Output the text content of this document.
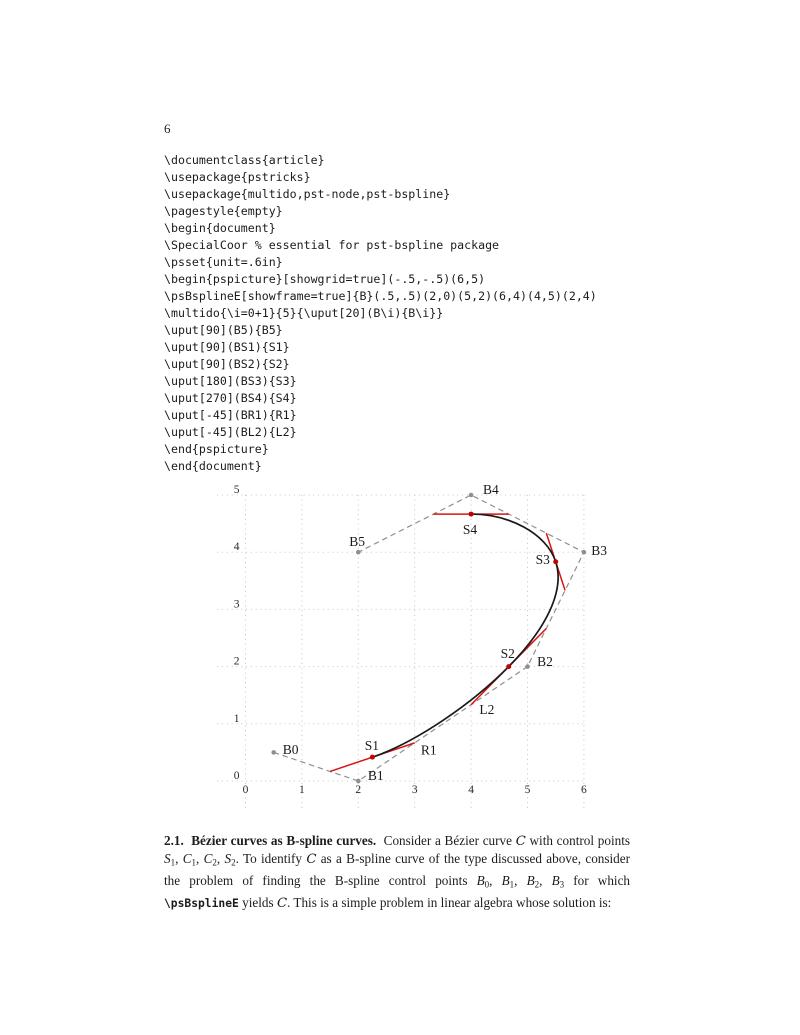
6
\documentclass{article}
\usepackage{pstricks}
\usepackage{multido,pst-node,pst-bspline}
\pagestyle{empty}
\begin{document}
\SpecialCoor % essential for pst-bspline package
\psset{unit=.6in}
\begin{pspicture}[showgrid=true](-.5,-.5)(6,5)
\psBsplineE[showframe=true]{B}(.5,.5)(2,0)(5,2)(6,4)(4,5)(2,4)
\multido{\i=0+1}{5}{\uput[20](B\i){B\i}}
\uput[90](B5){B5}
\uput[90](BS1){S1}
\uput[90](BS2){S2}
\uput[180](BS3){S3}
\uput[270](BS4){S4}
\uput[-45](BR1){R1}
\uput[-45](BL2){L2}
\end{pspicture}
\end{document}
0	1	2	3	4	5	6
0
1
2
3
4
5
B0
B1
B2
B3
B4
B5
S1
S2
S3
S4
R1
L2
2.1.  Bézier curves as B-spline curves.  Consider a Bézier curve C with control points $S_1$, $C_1$, $C_2$, $S_2$. To identify C as a B-spline curve of the type discussed above, consider the problem of finding the B-spline control points $B_0$, $B_1$, $B_2$, $B_3$ for which \psBsplineE yields C. This is a simple problem in linear algebra whose solution is:
